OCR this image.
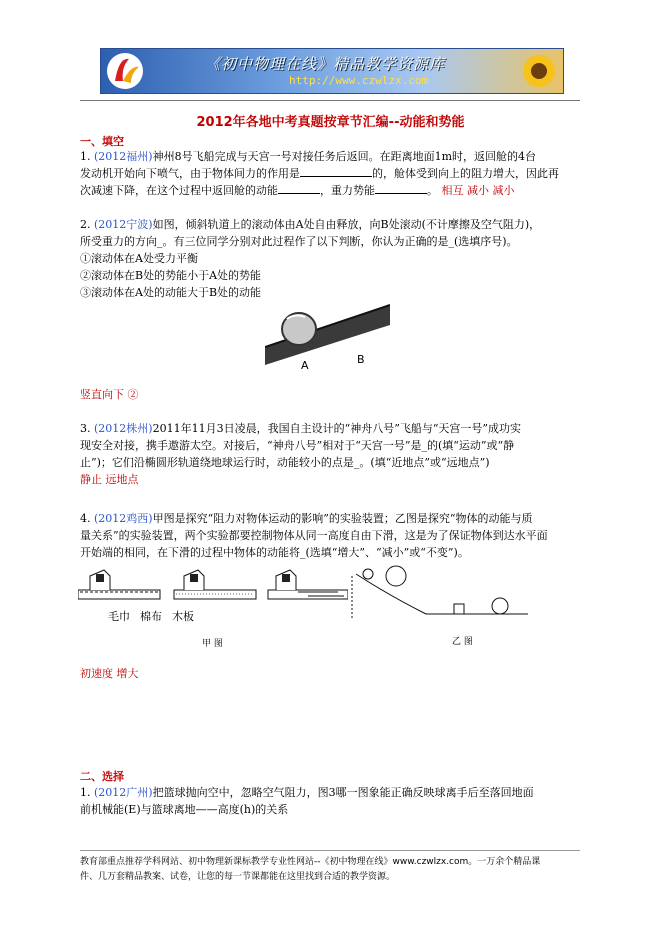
《初中物理在线》精品教学资源库
http://www.czwlzx.com
2012年各地中考真题按章节汇编--动能和势能
一、填空
1. (2012福州)神州8号飞船完成与天宫一号对接任务后返回。在距离地面1m时，返回舱的4台
发动机开始向下喷气，由于物体间力的作用是	的，舱体受到向上的阻力增大，因此再
次减速下降，在这个过程中返回舱的动能	，重力势能	。 相互 减小 减小
2. (2012宁波)如图，倾斜轨道上的滚动体由A处自由释放，向B处滚动(不计摩擦及空气阻力)，
所受重力的方向_。有三位同学分别对此过程作了以下判断，你认为正确的是_(选填序号)。
①滚动体在A处受力平衡
②滚动体在B处的势能小于A处的势能
③滚动体在A处的动能大于B处的动能
A	B
竖直向下 ②
3. (2012株州)2011年11月3日凌晨，我国自主设计的“神舟八号”飞船与“天宫一号”成功实
现安全对接，携手遨游太空。对接后，“神舟八号”相对于“天宫一号”是_的(填“运动”或“静
止”)；它们沿椭圆形轨道绕地球运行时，动能较小的点是_。(填“近地点”或“远地点”)
静止 远地点
4. (2012鸡西)甲图是探究“阻力对物体运动的影响”的实验装置；乙图是探究“物体的动能与质
量关系”的实验装置，两个实验都要控制物体从同一高度自由下滑，这是为了保证物体到达水平面
开始端的相同，在下滑的过程中物体的动能将_(选填“增大”、“减小”或“不变”)。
毛巾 棉布 木板
甲 图	乙 图
初速度 增大
二、选择
1. (2012广州)把篮球抛向空中，忽略空气阻力，图3哪一图象能正确反映球离手后至落回地面
前机械能(E)与篮球离地——高度(h)的关系
教育部重点推荐学科网站、初中物理新课标教学专业性网站--《初中物理在线》www.czwlzx.com。一万余个精品课
件、几万套精品教案、试卷，让您的每一节课都能在这里找到合适的教学资源。
